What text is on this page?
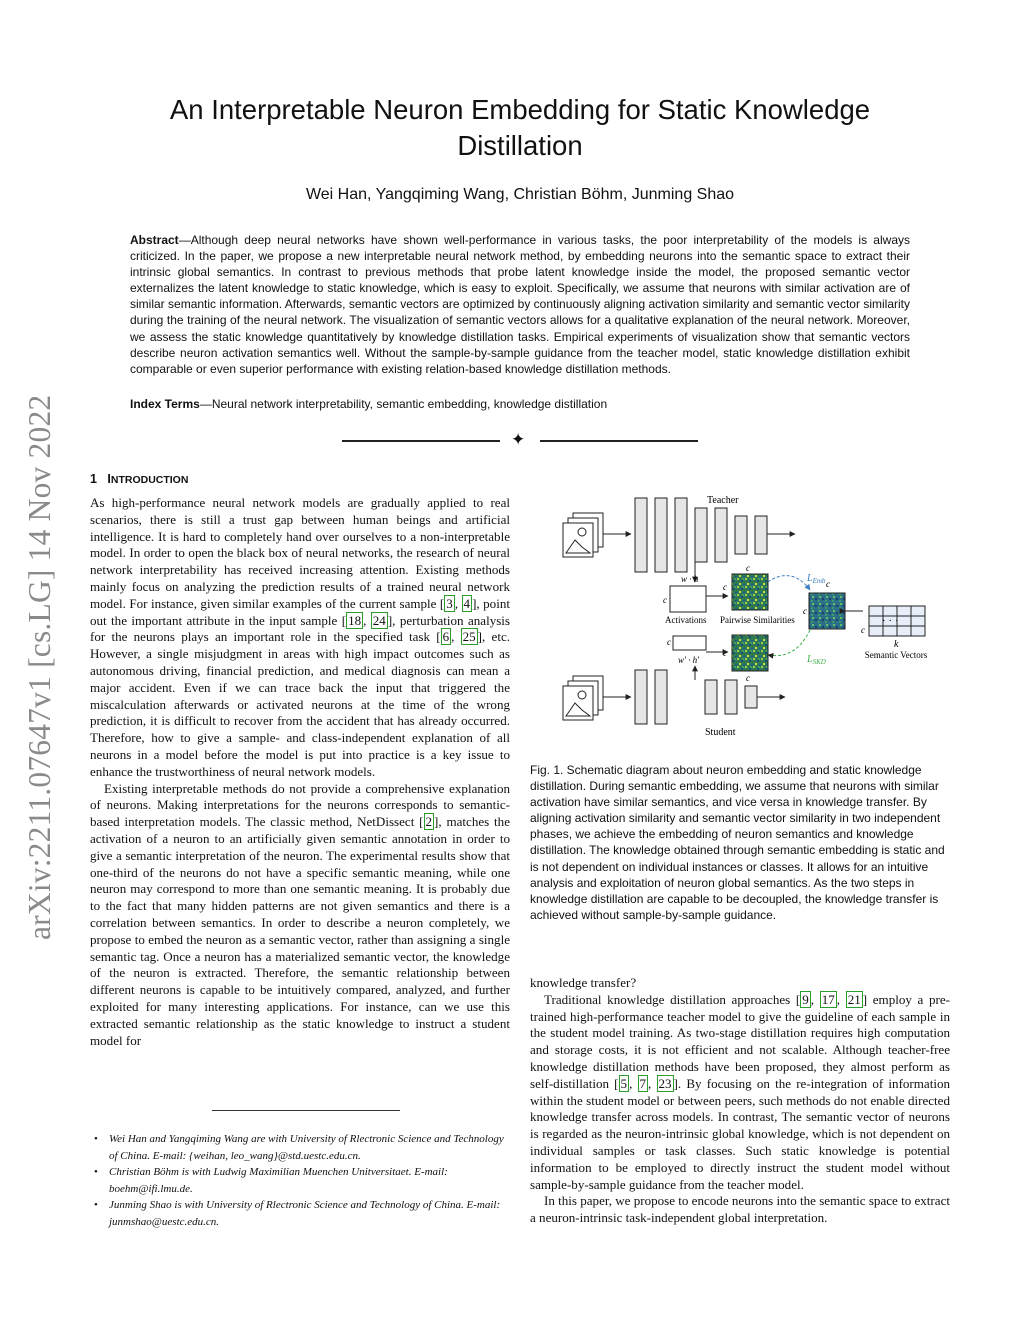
arXiv:2211.07647v1 [cs.LG] 14 Nov 2022
An Interpretable Neuron Embedding for Static Knowledge Distillation
Wei Han, Yangqiming Wang, Christian Böhm, Junming Shao
Abstract—Although deep neural networks have shown well-performance in various tasks, the poor interpretability of the models is always criticized. In the paper, we propose a new interpretable neural network method, by embedding neurons into the semantic space to extract their intrinsic global semantics. In contrast to previous methods that probe latent knowledge inside the model, the proposed semantic vector externalizes the latent knowledge to static knowledge, which is easy to exploit. Specifically, we assume that neurons with similar activation are of similar semantic information. Afterwards, semantic vectors are optimized by continuously aligning activation similarity and semantic vector similarity during the training of the neural network. The visualization of semantic vectors allows for a qualitative explanation of the neural network. Moreover, we assess the static knowledge quantitatively by knowledge distillation tasks. Empirical experiments of visualization show that semantic vectors describe neuron activation semantics well. Without the sample-by-sample guidance from the teacher model, static knowledge distillation exhibit comparable or even superior performance with existing relation-based knowledge distillation methods.
Index Terms—Neural network interpretability, semantic embedding, knowledge distillation
✦
1 INTRODUCTION

As high-performance neural network models are gradually applied to real scenarios, there is still a trust gap between human beings and artificial intelligence. It is hard to completely hand over ourselves to a non-interpretable model. In order to open the black box of neural networks, the research of neural network interpretability has received increasing attention. Existing methods mainly focus on analyzing the prediction results of a trained neural network model. For instance, given similar examples of the current sample [ 3 , 4 ], point out the important attribute in the input sample [ 18 , 24 ], perturbation analysis for the neurons plays an important role in the specified task [ 6 , 25 ], etc. However, a single misjudgment in areas with high impact outcomes such as autonomous driving, financial prediction, and medical diagnosis can mean a major accident. Even if we can trace back the input that triggered the miscalculation afterwards or activated neurons at the time of the wrong prediction, it is difficult to recover from the accident that has already occurred. Therefore, how to give a sample- and class-independent explanation of all neurons in a model before the model is put into practice is a key issue to enhance the trustworthiness of neural network models.

Existing interpretable methods do not provide a comprehensive explanation of neurons. Making interpretations for the neurons corresponds to semantic-based interpretation models. The classic method, NetDissect [ 2 ], matches the activation of a neuron to an artificially given semantic annotation in order to give a semantic interpretation of the neuron. The experimental results show that one-third of the neurons do not have a specific semantic meaning, while one neuron may correspond to more than one semantic meaning. It is probably due to the fact that many hidden patterns are not given semantics and there is a correlation between semantics. In order to describe a neuron completely, we propose to embed the neuron as a semantic vector, rather than assigning a single semantic tag. Once a neuron has a materialized semantic vector, the knowledge of the neuron is extracted. Therefore, the semantic relationship between different neurons is capable to be intuitively compared, analyzed, and further exploited for many interesting applications. For instance, can we use this extracted semantic relationship as the static knowledge to instruct a student model for

• Wei Han and Yangqiming Wang are with University of Rlectronic Science and Technology of China. E-mail: {weihan, leo_wang}@std.uestc.edu.cn.
• Christian Böhm is with Ludwig Maximilian Muenchen Unitversitaet. E-mail: boehm@ifi.lmu.de.
• Junming Shao is with University of Rlectronic Science and Technology of China. E-mail: junmshao@uestc.edu.cn.
Teacher
w · h
c
Activations
c
c
Pairwise Similarities
$L_{Emb}$ c
c
· · ·
c
k
Semantic Vectors
$L_{SKD}$
c
c
c
w' · h'
Student
Fig. 1. Schematic diagram about neuron embedding and static knowledge distillation. During semantic embedding, we assume that neurons with similar activation have similar semantics, and vice versa in knowledge transfer. By aligning activation similarity and semantic vector similarity in two independent phases, we achieve the embedding of neuron semantics and knowledge distillation. The knowledge obtained through semantic embedding is static and is not dependent on individual instances or classes. It allows for an intuitive analysis and exploitation of neuron global semantics. As the two steps in knowledge distillation are capable to be decoupled, the knowledge transfer is achieved without sample-by-sample guidance.

knowledge transfer?

Traditional knowledge distillation approaches [ 9 , 17 , 21 ] employ a pre-trained high-performance teacher model to give the guideline of each sample in the student model training. As two-stage distillation requires high computation and storage costs, it is not efficient and not scalable. Although teacher-free knowledge distillation methods have been proposed, they almost perform as self-distillation [ 5 , 7 , 23 ]. By focusing on the re-integration of information within the student model or between peers, such methods do not enable directed knowledge transfer across models. In contrast, The semantic vector of neurons is regarded as the neuron-intrinsic global knowledge, which is not dependent on individual samples or task classes. Such static knowledge is potential information to be employed to directly instruct the student model without sample-by-sample guidance from the teacher model.

In this paper, we propose to encode neurons into the semantic space to extract a neuron-intrinsic task-independent global interpretation.
